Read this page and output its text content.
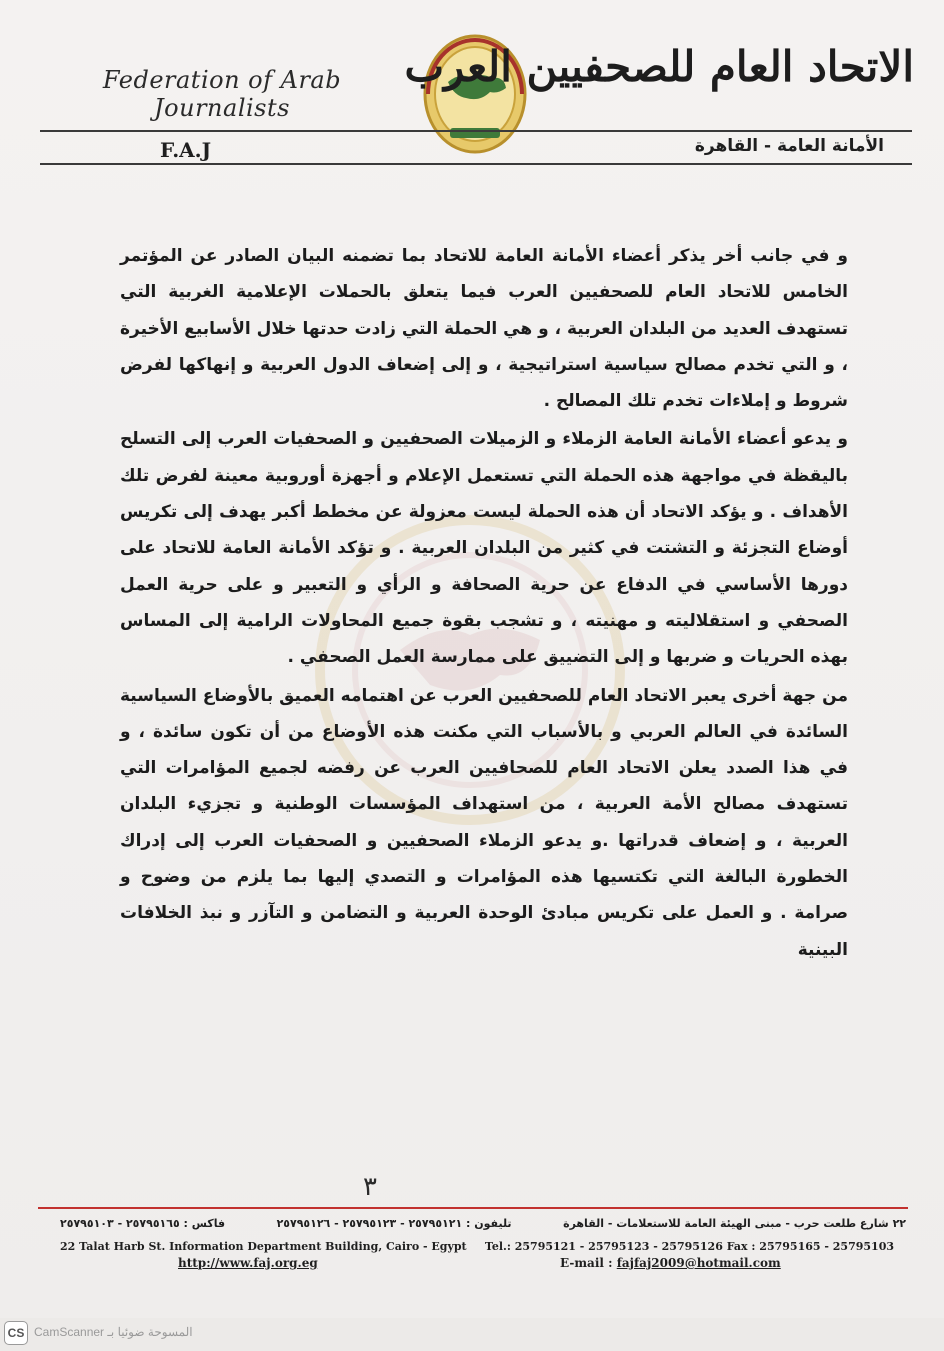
Federation of Arab Journalists
الاتحاد العام للصحفيين العرب
F.A.J	الأمانة العامة - القاهرة

و في جانب أخر يذكر أعضاء الأمانة العامة للاتحاد بما تضمنه البيان الصادر عن المؤتمر الخامس للاتحاد العام للصحفيين العرب فيما يتعلق بالحملات الإعلامية الغربية التي تستهدف العديد من البلدان العربية ، و هي الحملة التي زادت حدتها خلال الأسابيع الأخيرة ، و التي تخدم مصالح سياسية استراتيجية ، و إلى إضعاف الدول العربية و إنهاكها لفرض شروط و إملاءات تخدم تلك المصالح .

و يدعو أعضاء الأمانة العامة الزملاء و الزميلات الصحفيين و الصحفيات العرب إلى التسلح باليقظة في مواجهة هذه الحملة التي تستعمل الإعلام و أجهزة أوروبية معينة لفرض تلك الأهداف . و يؤكد الاتحاد أن هذه الحملة ليست معزولة عن مخطط أكبر يهدف إلى تكريس أوضاع التجزئة و التشتت في كثير من البلدان العربية . و تؤكد الأمانة العامة للاتحاد على دورها الأساسي في الدفاع عن حرية الصحافة و الرأي و التعبير و على حرية العمل الصحفي و استقلاليته و مهنيته ، و تشجب بقوة جميع المحاولات الرامية إلى المساس بهذه الحريات و ضربها و إلى التضييق على ممارسة العمل الصحفي .

من جهة أخرى يعبر الاتحاد العام للصحفيين العرب عن اهتمامه العميق بالأوضاع السياسية السائدة في العالم العربي و بالأسباب التي مكنت هذه الأوضاع من أن تكون سائدة ، و في هذا الصدد يعلن الاتحاد العام للصحافيين العرب عن رفضه لجميع المؤامرات التي تستهدف مصالح الأمة العربية ، من استهداف المؤسسات الوطنية و تجزيء البلدان العربية ، و إضعاف قدراتها .و يدعو الزملاء الصحفيين و الصحفيات العرب إلى إدراك الخطورة البالغة التي تكتسيها هذه المؤامرات و التصدي إليها بما يلزم من وضوح و صرامة . و العمل على تكريس مبادئ الوحدة العربية و التضامن و التآزر و نبذ الخلافات البينية

٣
٢٢ شارع طلعت حرب - مبنى الهيئة العامة للاستعلامات - القاهرة
تليفون : ٢٥٧٩٥١٢١ - ٢٥٧٩٥١٢٣ - ٢٥٧٩٥١٢٦
فاكس : ٢٥٧٩٥١٦٥ - ٢٥٧٩٥١٠٣
22 Talat Harb St. Information Department Building, Cairo - Egypt Tel.: 25795121 - 25795123 - 25795126 Fax : 25795165 - 25795103
http://www.faj.org.eg	E-mail : fajfaj2009@hotmail.com
CS CamScanner المسوحة ضوئيا بـ
